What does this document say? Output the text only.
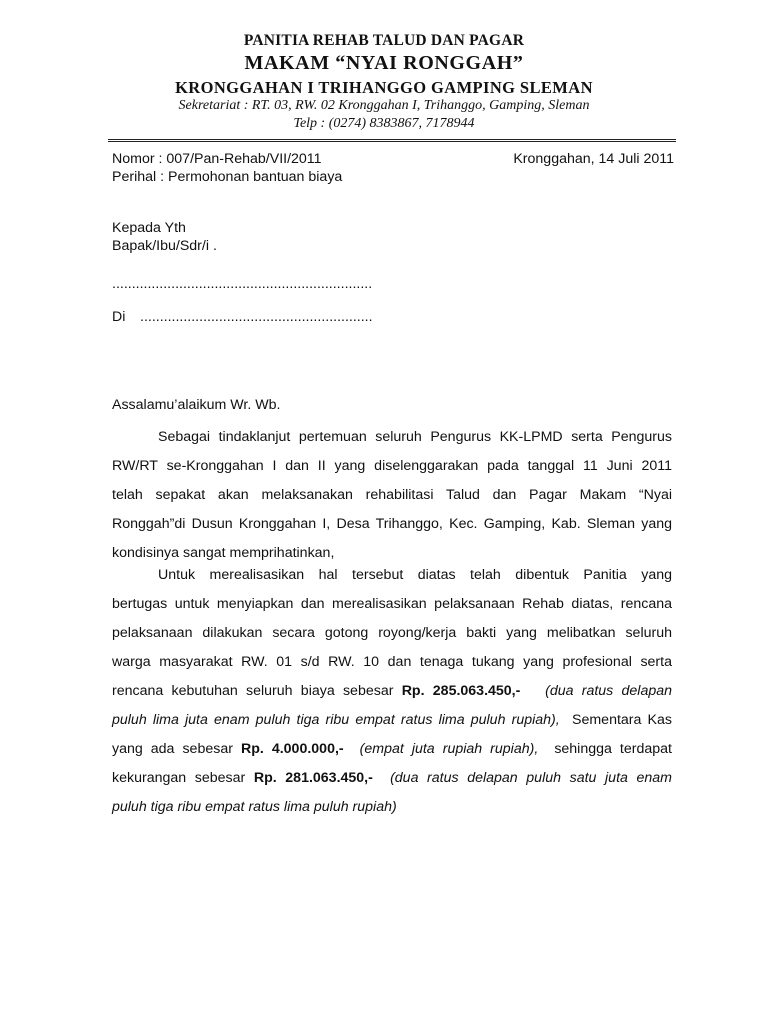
PANITIA REHAB TALUD DAN PAGAR
MAKAM “NYAI RONGGAH”
KRONGGAHAN I TRIHANGGO GAMPING SLEMAN
Sekretariat : RT. 03, RW. 02 Kronggahan I, Trihanggo, Gamping, Sleman
Telp : (0274) 8383867, 7178944
Nomor : 007/Pan-Rehab/VII/2011
Perihal : Permohonan bantuan biaya
Kronggahan, 14 Juli 2011
Kepada Yth
Bapak/Ibu/Sdr/i .
..................................................................
Di ...........................................................
Assalamu’alaikum Wr. Wb.
Sebagai tindaklanjut pertemuan seluruh Pengurus KK-LPMD serta Pengurus
RW/RT se-Kronggahan I dan II yang diselenggarakan pada tanggal 11 Juni 2011
telah sepakat akan melaksanakan rehabilitasi Talud dan Pagar Makam “Nyai
Ronggah”di Dusun Kronggahan I, Desa Trihanggo, Kec. Gamping, Kab. Sleman yang
kondisinya sangat memprihatinkan,
Untuk merealisasikan hal tersebut diatas telah dibentuk Panitia yang
bertugas untuk menyiapkan dan merealisasikan pelaksanaan Rehab diatas, rencana
pelaksanaan dilakukan secara gotong royong/kerja bakti yang melibatkan seluruh
warga masyarakat RW. 01 s/d RW. 10 dan tenaga tukang yang profesional serta
rencana kebutuhan seluruh biaya sebesar Rp. 285.063.450,- (dua ratus delapan
puluh lima juta enam puluh tiga ribu empat ratus lima puluh rupiah), Sementara Kas
yang ada sebesar Rp. 4.000.000,- (empat juta rupiah rupiah), sehingga terdapat
kekurangan sebesar Rp. 281.063.450,- (dua ratus delapan puluh satu juta enam
puluh tiga ribu empat ratus lima puluh rupiah)
